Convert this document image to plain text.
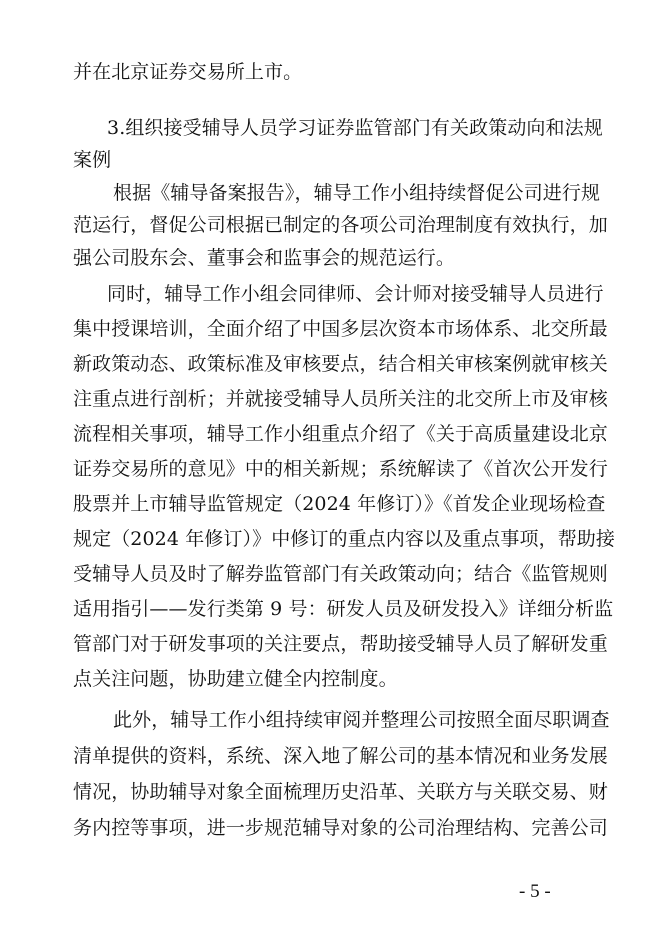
并在北京证券交易所上市。
3.组织接受辅导人员学习证券监管部门有关政策动向和法规
案例
根据《辅导备案报告》，辅导工作小组持续督促公司进行规
范运行，督促公司根据已制定的各项公司治理制度有效执行，加
强公司股东会、董事会和监事会的规范运行。
同时，辅导工作小组会同律师、会计师对接受辅导人员进行
集中授课培训，全面介绍了中国多层次资本市场体系、北交所最
新政策动态、政策标准及审核要点，结合相关审核案例就审核关
注重点进行剖析；并就接受辅导人员所关注的北交所上市及审核
流程相关事项，辅导工作小组重点介绍了《关于高质量建设北京
证券交易所的意见》中的相关新规；系统解读了《首次公开发行
股票并上市辅导监管规定（2024 年修订）》《首发企业现场检查
规定（2024 年修订）》中修订的重点内容以及重点事项，帮助接
受辅导人员及时了解券监管部门有关政策动向；结合《监管规则
适用指引——发行类第 9 号：研发人员及研发投入》详细分析监
管部门对于研发事项的关注要点，帮助接受辅导人员了解研发重
点关注问题，协助建立健全内控制度。
此外，辅导工作小组持续审阅并整理公司按照全面尽职调查
清单提供的资料，系统、深入地了解公司的基本情况和业务发展
情况，协助辅导对象全面梳理历史沿革、关联方与关联交易、财
务内控等事项，进一步规范辅导对象的公司治理结构、完善公司
- 5 -
